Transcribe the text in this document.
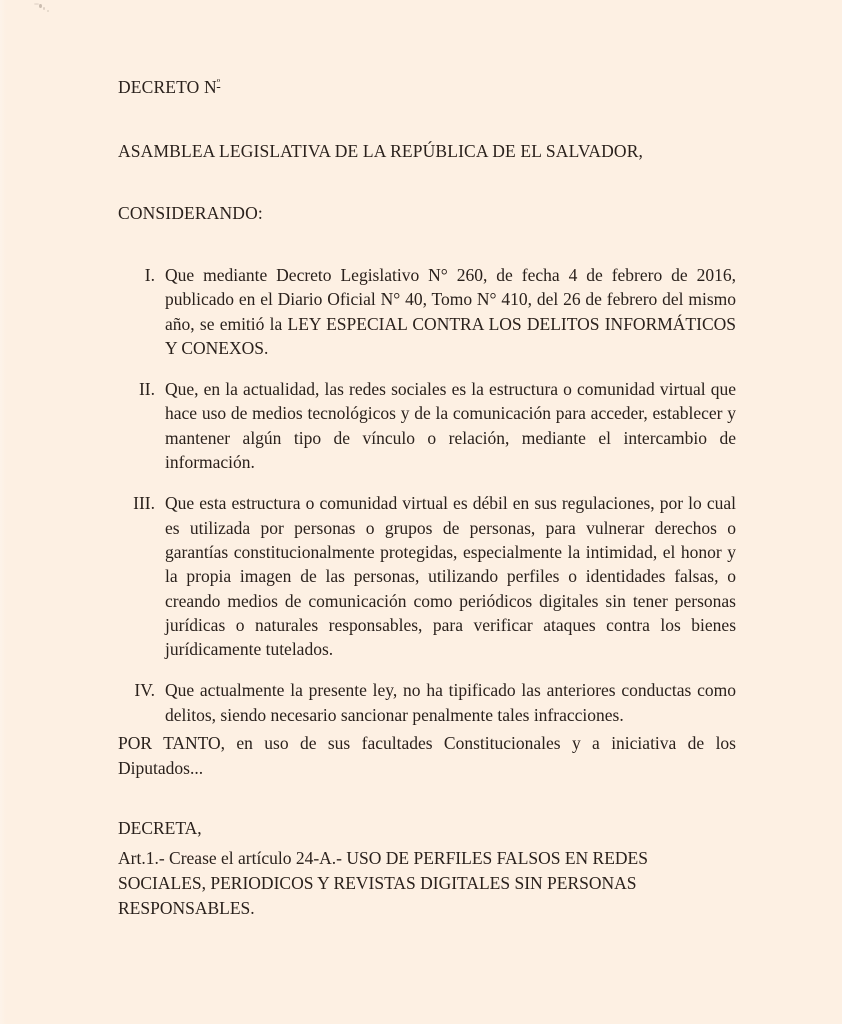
DECRETO $N^º$
ASAMBLEA LEGISLATIVA DE LA REPÚBLICA DE EL SALVADOR,
CONSIDERANDO:
I. Que mediante Decreto Legislativo N° 260, de fecha 4 de febrero de 2016, publicado en el Diario Oficial N° 40, Tomo N° 410, del 26 de febrero del mismo año, se emitió la LEY ESPECIAL CONTRA LOS DELITOS INFORMÁTICOS Y CONEXOS.
II. Que, en la actualidad, las redes sociales es la estructura o comunidad virtual que hace uso de medios tecnológicos y de la comunicación para acceder, establecer y mantener algún tipo de vínculo o relación, mediante el intercambio de información.
III. Que esta estructura o comunidad virtual es débil en sus regulaciones, por lo cual es utilizada por personas o grupos de personas, para vulnerar derechos o garantías constitucionalmente protegidas, especialmente la intimidad, el honor y la propia imagen de las personas, utilizando perfiles o identidades falsas, o creando medios de comunicación como periódicos digitales sin tener personas jurídicas o naturales responsables, para verificar ataques contra los bienes jurídicamente tutelados.
IV. Que actualmente la presente ley, no ha tipificado las anteriores conductas como delitos, siendo necesario sancionar penalmente tales infracciones.
POR TANTO, en uso de sus facultades Constitucionales y a iniciativa de los Diputados...
DECRETA,
Art.1.- Crease el artículo 24-A.- USO DE PERFILES FALSOS EN REDES SOCIALES, PERIODICOS Y REVISTAS DIGITALES SIN PERSONAS RESPONSABLES.
